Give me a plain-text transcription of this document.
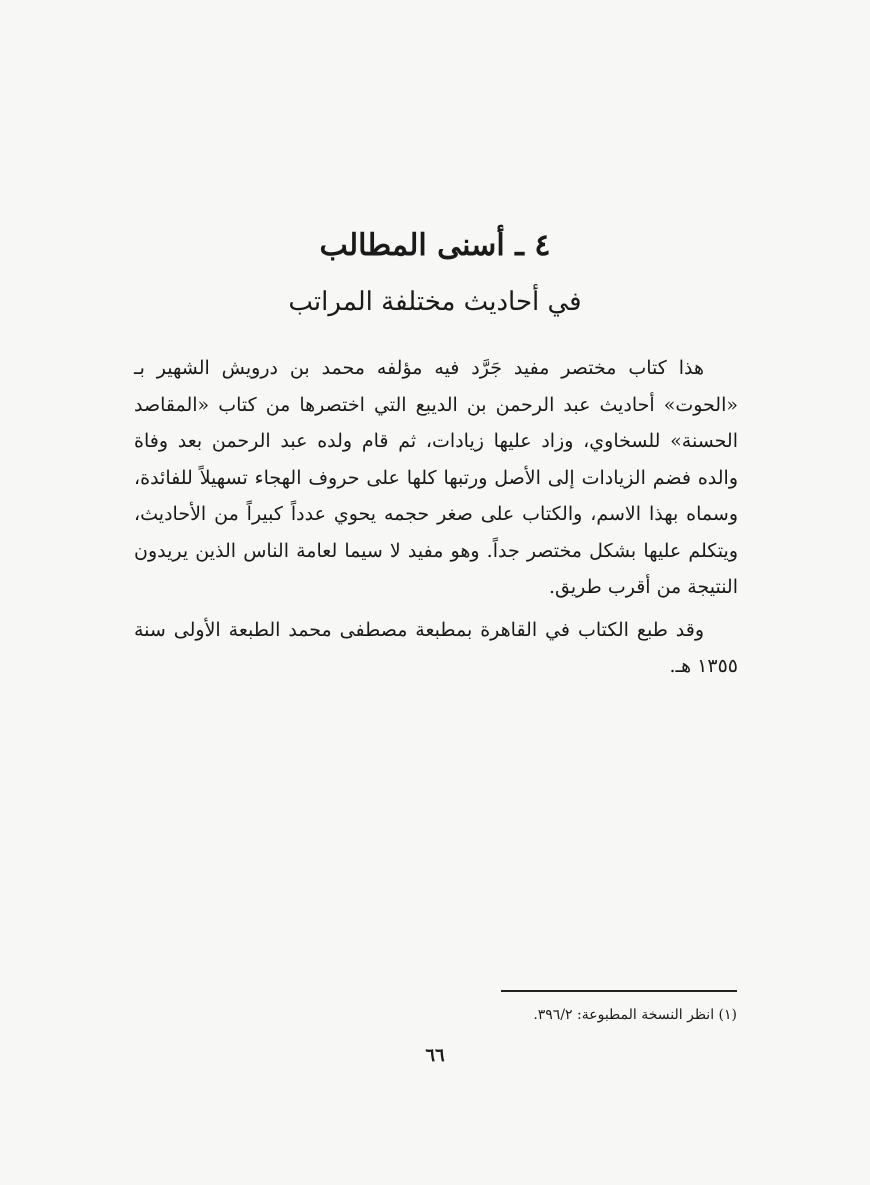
٤ ـ أسنى المطالب
في أحاديث مختلفة المراتب

هذا كتاب مختصر مفيد جَرَّد فيه مؤلفه محمد بن درويش الشهير بـ «الحوت» أحاديث عبد الرحمن بن الديبع التي اختصرها من كتاب «المقاصد الحسنة» للسخاوي، وزاد عليها زيادات، ثم قام ولده عبد الرحمن بعد وفاة والده فضم الزيادات إلى الأصل ورتبها كلها على حروف الهجاء تسهيلاً للفائدة، وسماه بهذا الاسم، والكتاب على صغر حجمه يحوي عدداً كبيراً من الأحاديث، ويتكلم عليها بشكل مختصر جداً. وهو مفيد لا سيما لعامة الناس الذين يريدون النتيجة من أقرب طريق.

وقد طبع الكتاب في القاهرة بمطبعة مصطفى محمد الطبعة الأولى سنة ١٣٥٥ هـ.

(١) انظر النسخة المطبوعة: ٣٩٦/٢.

٦٦
